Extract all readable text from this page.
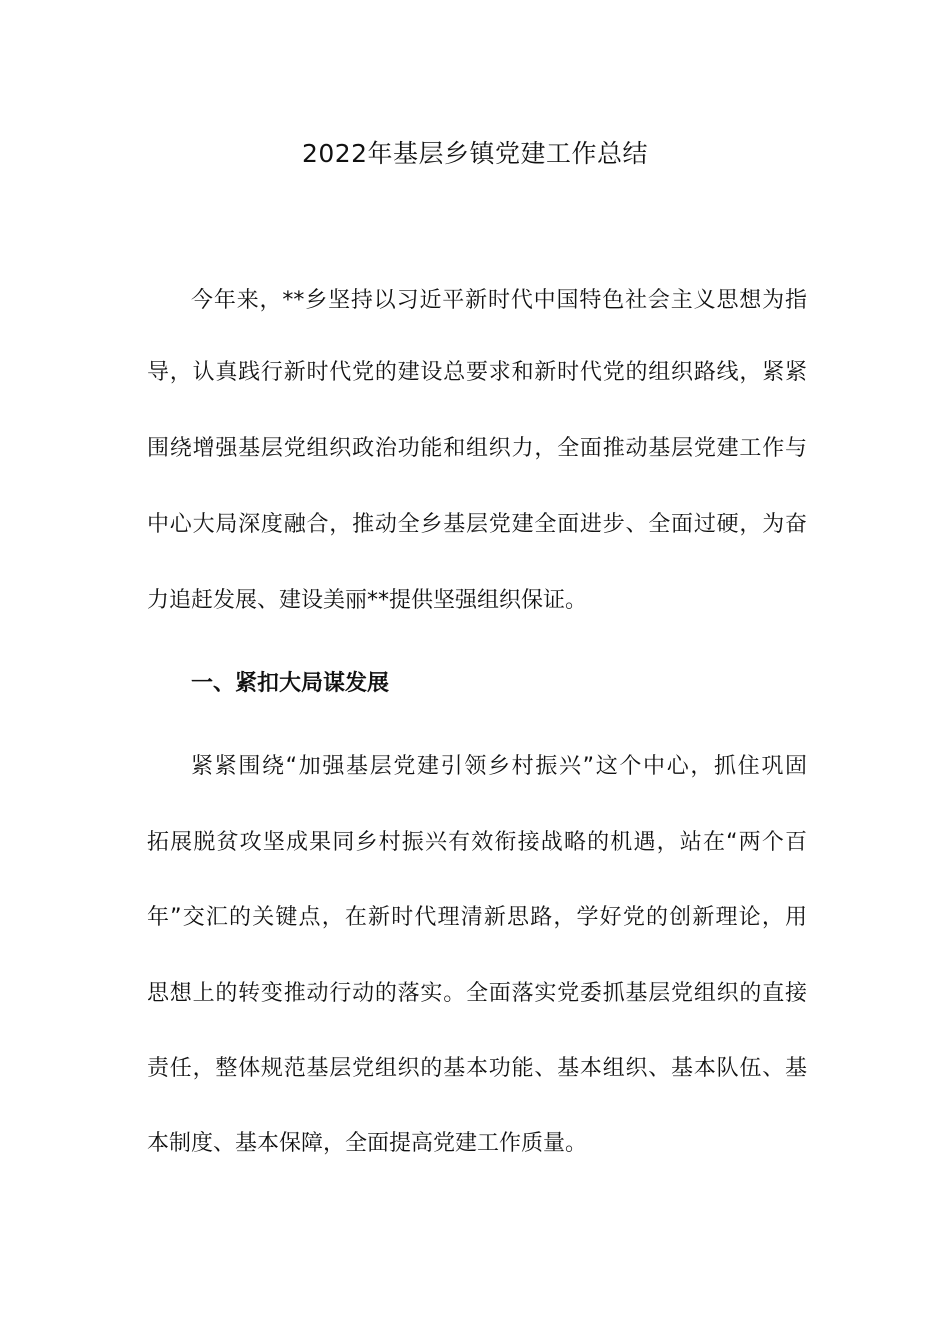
2022年基层乡镇党建工作总结
今年来，**乡坚持以习近平新时代中国特色社会主义思想为指
导，认真践行新时代党的建设总要求和新时代党的组织路线，紧紧
围绕增强基层党组织政治功能和组织力，全面推动基层党建工作与
中心大局深度融合，推动全乡基层党建全面进步、全面过硬，为奋
力追赶发展、建设美丽**提供坚强组织保证。
一、紧扣大局谋发展
紧紧围绕“加强基层党建引领乡村振兴”这个中心，抓住巩固
拓展脱贫攻坚成果同乡村振兴有效衔接战略的机遇，站在“两个百
年”交汇的关键点，在新时代理清新思路，学好党的创新理论，用
思想上的转变推动行动的落实。全面落实党委抓基层党组织的直接
责任，整体规范基层党组织的基本功能、基本组织、基本队伍、基
本制度、基本保障，全面提高党建工作质量。
